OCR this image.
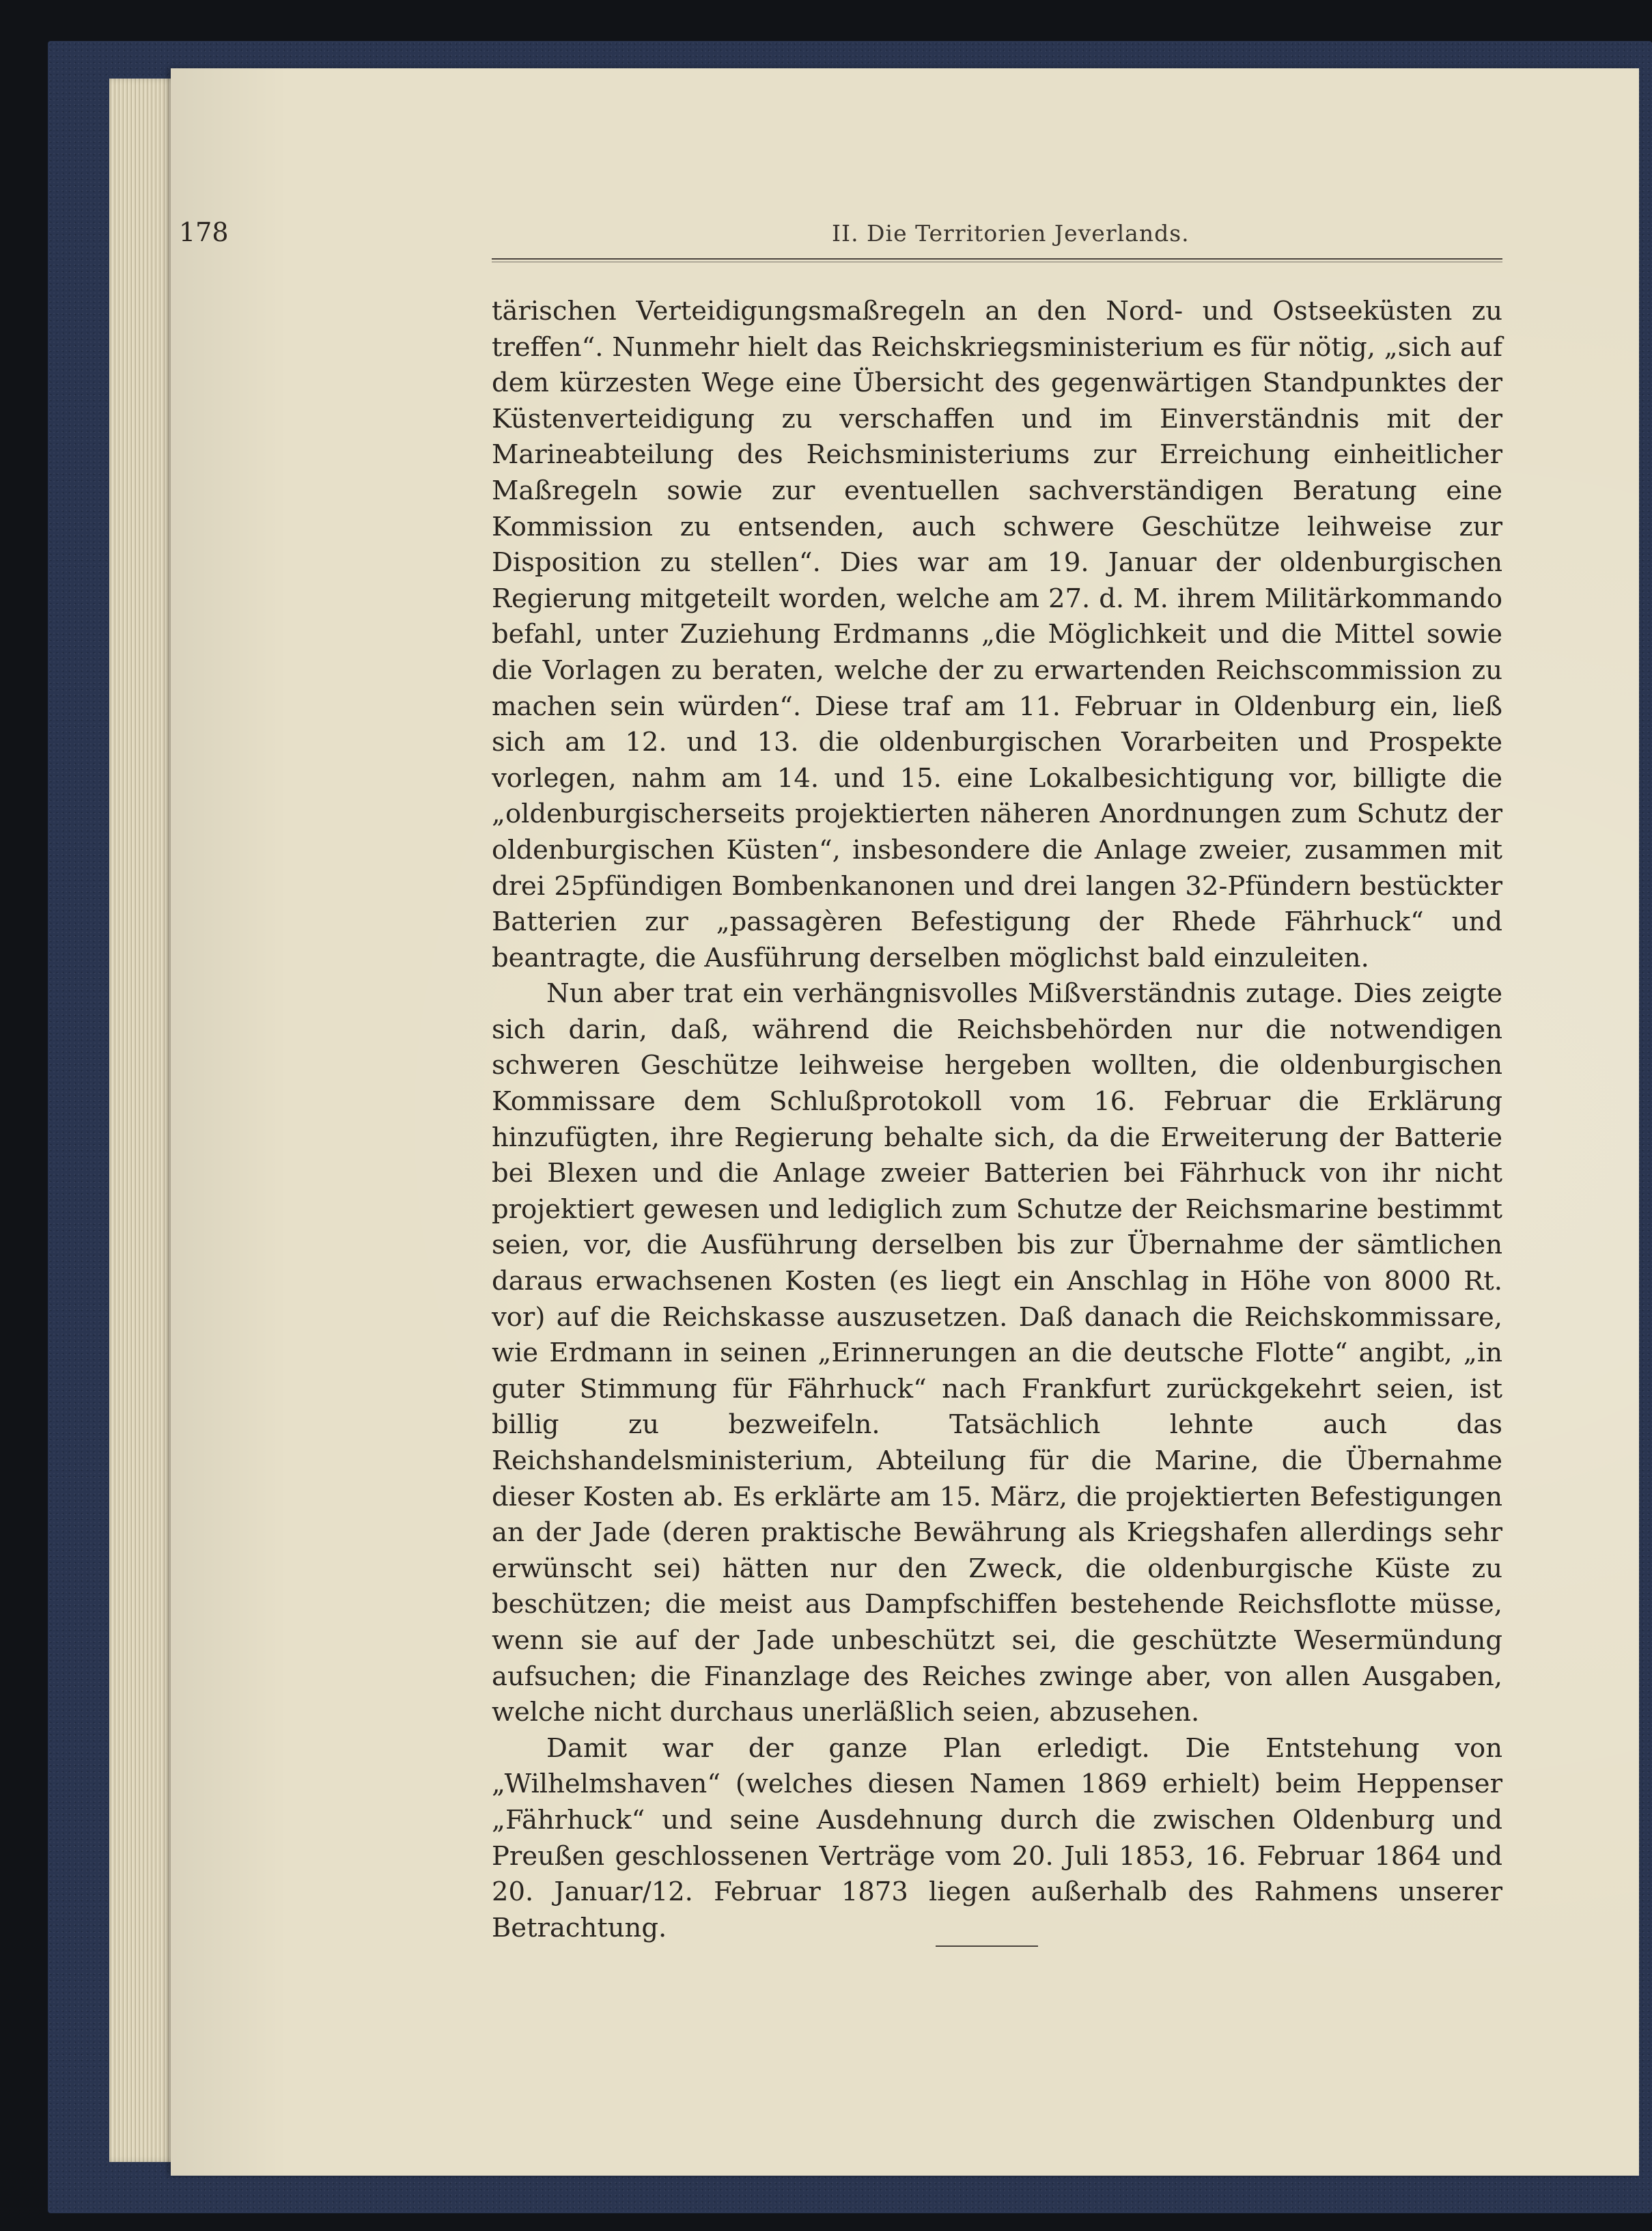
178	II. Die Territorien Jeverlands.

tärischen Verteidigungsmaßregeln an den Nord- und Ostseeküsten zu treffen“. Nunmehr hielt das Reichskriegsministerium es für nötig, „sich auf dem kürzesten Wege eine Übersicht des gegenwärtigen Standpunktes der Küstenverteidigung zu verschaffen und im Einverständnis mit der Marineabteilung des Reichsministeriums zur Erreichung einheitlicher Maßregeln sowie zur eventuellen sachverständigen Beratung eine Kommission zu entsenden, auch schwere Geschütze leihweise zur Disposition zu stellen“. Dies war am 19. Januar der oldenburgischen Regierung mitgeteilt worden, welche am 27. d. M. ihrem Militärkommando befahl, unter Zuziehung Erdmanns „die Möglichkeit und die Mittel sowie die Vorlagen zu beraten, welche der zu erwartenden Reichscommission zu machen sein würden“. Diese traf am 11. Februar in Oldenburg ein, ließ sich am 12. und 13. die oldenburgischen Vorarbeiten und Prospekte vorlegen, nahm am 14. und 15. eine Lokalbesichtigung vor, billigte die „oldenburgischerseits projektierten näheren Anordnungen zum Schutz der oldenburgischen Küsten“, insbesondere die Anlage zweier, zusammen mit drei 25pfündigen Bombenkanonen und drei langen 32-Pfündern bestückter Batterien zur „passagèren Befestigung der Rhede Fährhuck“ und beantragte, die Ausführung derselben möglichst bald einzuleiten.

Nun aber trat ein verhängnisvolles Mißverständnis zutage. Dies zeigte sich darin, daß, während die Reichsbehörden nur die notwendigen schweren Geschütze leihweise hergeben wollten, die oldenburgischen Kommissare dem Schlußprotokoll vom 16. Februar die Erklärung hinzufügten, ihre Regierung behalte sich, da die Erweiterung der Batterie bei Blexen und die Anlage zweier Batterien bei Fährhuck von ihr nicht projektiert gewesen und lediglich zum Schutze der Reichsmarine bestimmt seien, vor, die Ausführung derselben bis zur Übernahme der sämtlichen daraus erwachsenen Kosten (es liegt ein Anschlag in Höhe von 8000 Rt. vor) auf die Reichskasse auszusetzen. Daß danach die Reichskommissare, wie Erdmann in seinen „Erinnerungen an die deutsche Flotte“ angibt, „in guter Stimmung für Fährhuck“ nach Frankfurt zurückgekehrt seien, ist billig zu bezweifeln. Tatsächlich lehnte auch das Reichshandelsministerium, Abteilung für die Marine, die Übernahme dieser Kosten ab. Es erklärte am 15. März, die projektierten Befestigungen an der Jade (deren praktische Bewährung als Kriegshafen allerdings sehr erwünscht sei) hätten nur den Zweck, die oldenburgische Küste zu beschützen; die meist aus Dampfschiffen bestehende Reichsflotte müsse, wenn sie auf der Jade unbeschützt sei, die geschützte Wesermündung aufsuchen; die Finanzlage des Reiches zwinge aber, von allen Ausgaben, welche nicht durchaus unerläßlich seien, abzusehen.

Damit war der ganze Plan erledigt. Die Entstehung von „Wilhelmshaven“ (welches diesen Namen 1869 erhielt) beim Heppenser „Fährhuck“ und seine Ausdehnung durch die zwischen Oldenburg und Preußen geschlossenen Verträge vom 20. Juli 1853, 16. Februar 1864 und 20. Januar/12. Februar 1873 liegen außerhalb des Rahmens unserer Betrachtung.
